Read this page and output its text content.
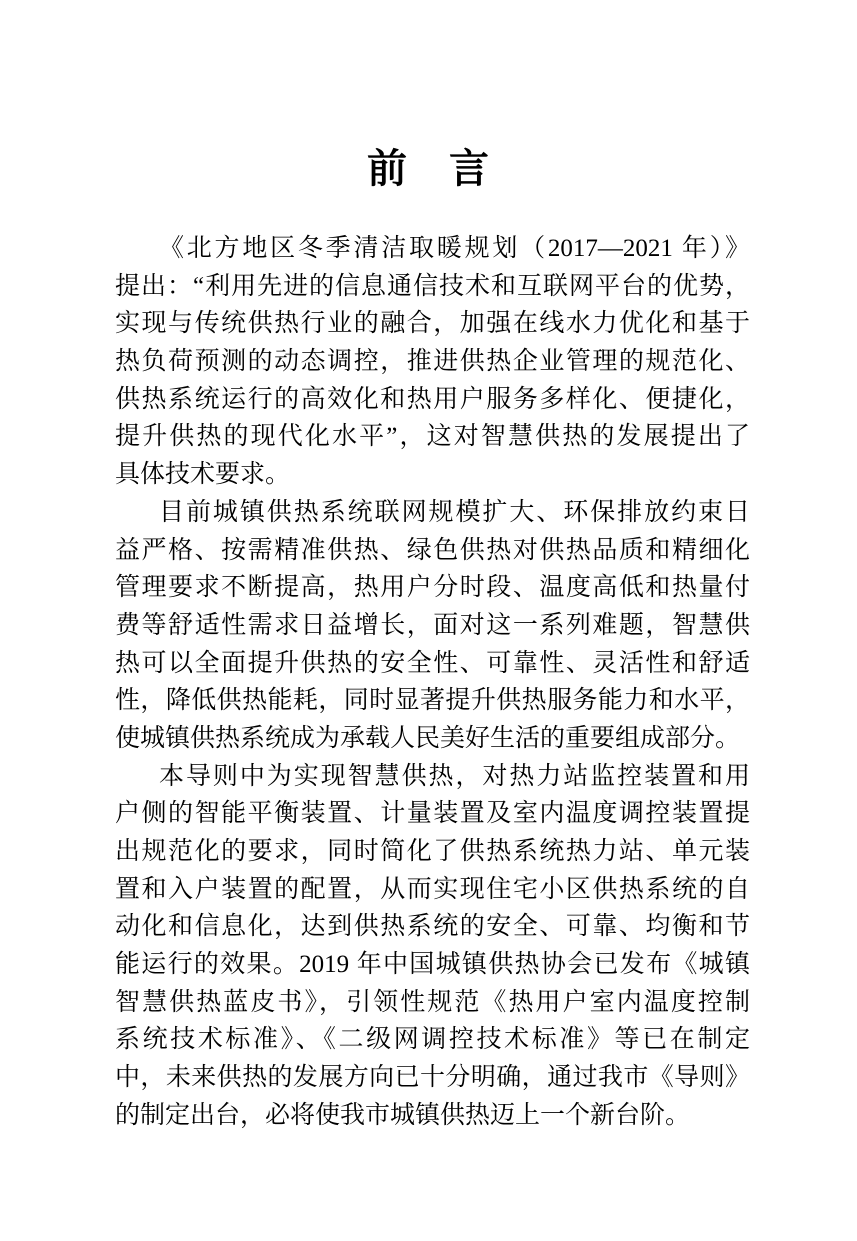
前　言
《北方地区冬季清洁取暖规划（2017—2021 年）》
提出：“利用先进的信息通信技术和互联网平台的优势，
实现与传统供热行业的融合，加强在线水力优化和基于
热负荷预测的动态调控，推进供热企业管理的规范化、
供热系统运行的高效化和热用户服务多样化、便捷化，
提升供热的现代化水平”，这对智慧供热的发展提出了
具体技术要求。
目前城镇供热系统联网规模扩大、环保排放约束日
益严格、按需精准供热、绿色供热对供热品质和精细化
管理要求不断提高，热用户分时段、温度高低和热量付
费等舒适性需求日益增长，面对这一系列难题，智慧供
热可以全面提升供热的安全性、可靠性、灵活性和舒适
性，降低供热能耗，同时显著提升供热服务能力和水平，
使城镇供热系统成为承载人民美好生活的重要组成部分。
本导则中为实现智慧供热，对热力站监控装置和用
户侧的智能平衡装置、计量装置及室内温度调控装置提
出规范化的要求，同时简化了供热系统热力站、单元装
置和入户装置的配置，从而实现住宅小区供热系统的自
动化和信息化，达到供热系统的安全、可靠、均衡和节
能运行的效果。2019 年中国城镇供热协会已发布《城镇
智慧供热蓝皮书》，引领性规范《热用户室内温度控制
系统技术标准》、《二级网调控技术标准》等已在制定
中，未来供热的发展方向已十分明确，通过我市《导则》
的制定出台，必将使我市城镇供热迈上一个新台阶。
